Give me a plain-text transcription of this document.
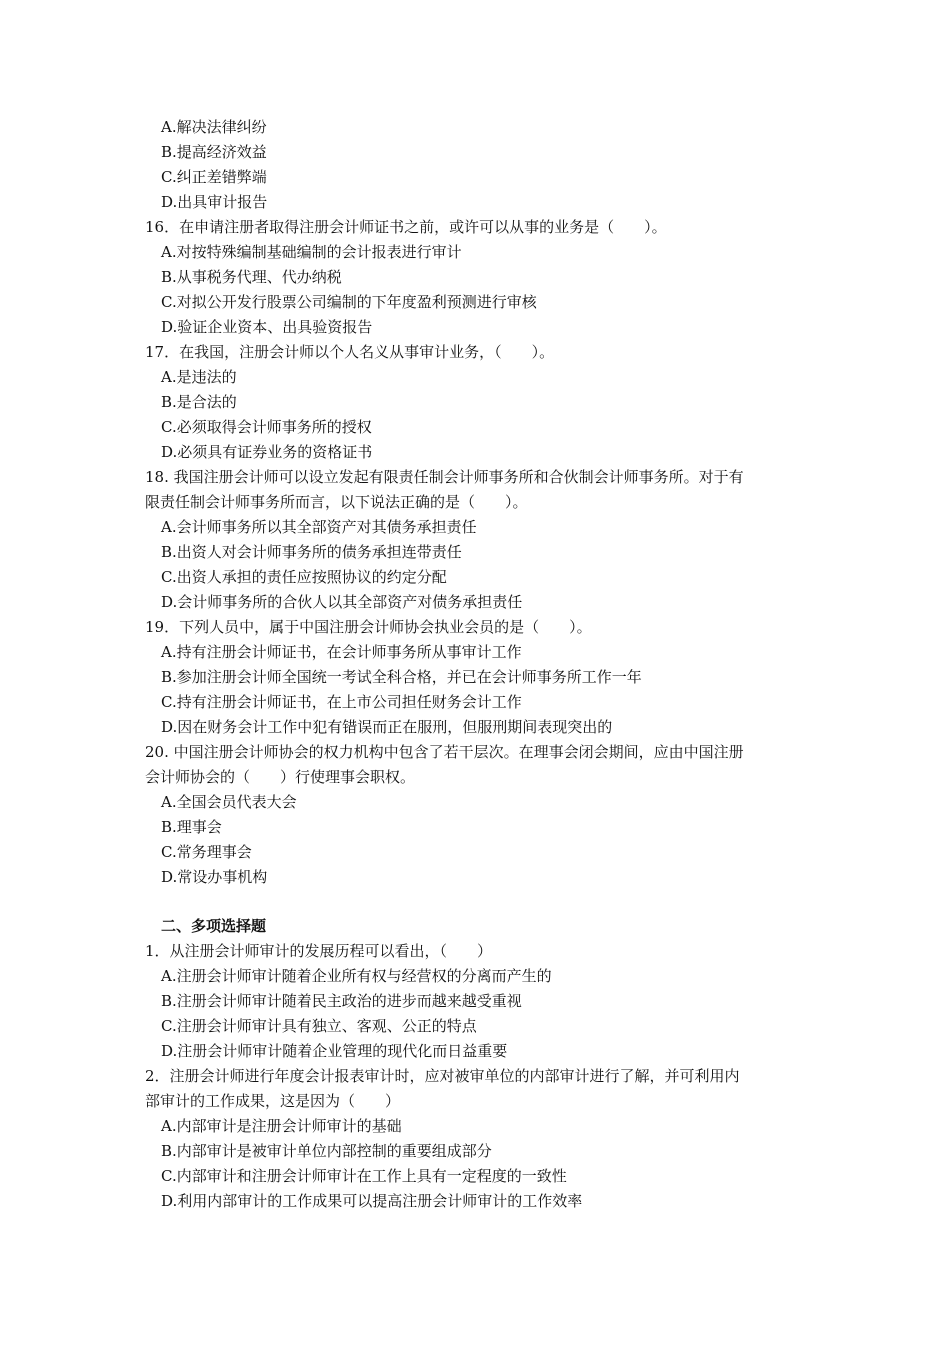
A.解决法律纠纷
B.提高经济效益
C.纠正差错弊端
D.出具审计报告
16．在申请注册者取得注册会计师证书之前，或许可以从事的业务是（　　）。
A.对按特殊编制基础编制的会计报表进行审计
B.从事税务代理、代办纳税
C.对拟公开发行股票公司编制的下年度盈利预测进行审核
D.验证企业资本、出具验资报告
17．在我国，注册会计师以个人名义从事审计业务，（　　）。
A.是违法的
B.是合法的
C.必须取得会计师事务所的授权
D.必须具有证券业务的资格证书
18. 我国注册会计师可以设立发起有限责任制会计师事务所和合伙制会计师事务所。对于有
限责任制会计师事务所而言，以下说法正确的是（　　）。
A.会计师事务所以其全部资产对其债务承担责任
B.出资人对会计师事务所的债务承担连带责任
C.出资人承担的责任应按照协议的约定分配
D.会计师事务所的合伙人以其全部资产对债务承担责任
19．下列人员中，属于中国注册会计师协会执业会员的是（　　）。
A.持有注册会计师证书，在会计师事务所从事审计工作
B.参加注册会计师全国统一考试全科合格，并已在会计师事务所工作一年
C.持有注册会计师证书，在上市公司担任财务会计工作
D.因在财务会计工作中犯有错误而正在服刑，但服刑期间表现突出的
20. 中国注册会计师协会的权力机构中包含了若干层次。在理事会闭会期间，应由中国注册
会计师协会的（　　）行使理事会职权。
A.全国会员代表大会
B.理事会
C.常务理事会
D.常设办事机构
二、多项选择题
1．从注册会计师审计的发展历程可以看出，（　　）
A.注册会计师审计随着企业所有权与经营权的分离而产生的
B.注册会计师审计随着民主政治的进步而越来越受重视
C.注册会计师审计具有独立、客观、公正的特点
D.注册会计师审计随着企业管理的现代化而日益重要
2．注册会计师进行年度会计报表审计时，应对被审单位的内部审计进行了解，并可利用内
部审计的工作成果，这是因为（　　）
A.内部审计是注册会计师审计的基础
B.内部审计是被审计单位内部控制的重要组成部分
C.内部审计和注册会计师审计在工作上具有一定程度的一致性
D.利用内部审计的工作成果可以提高注册会计师审计的工作效率
